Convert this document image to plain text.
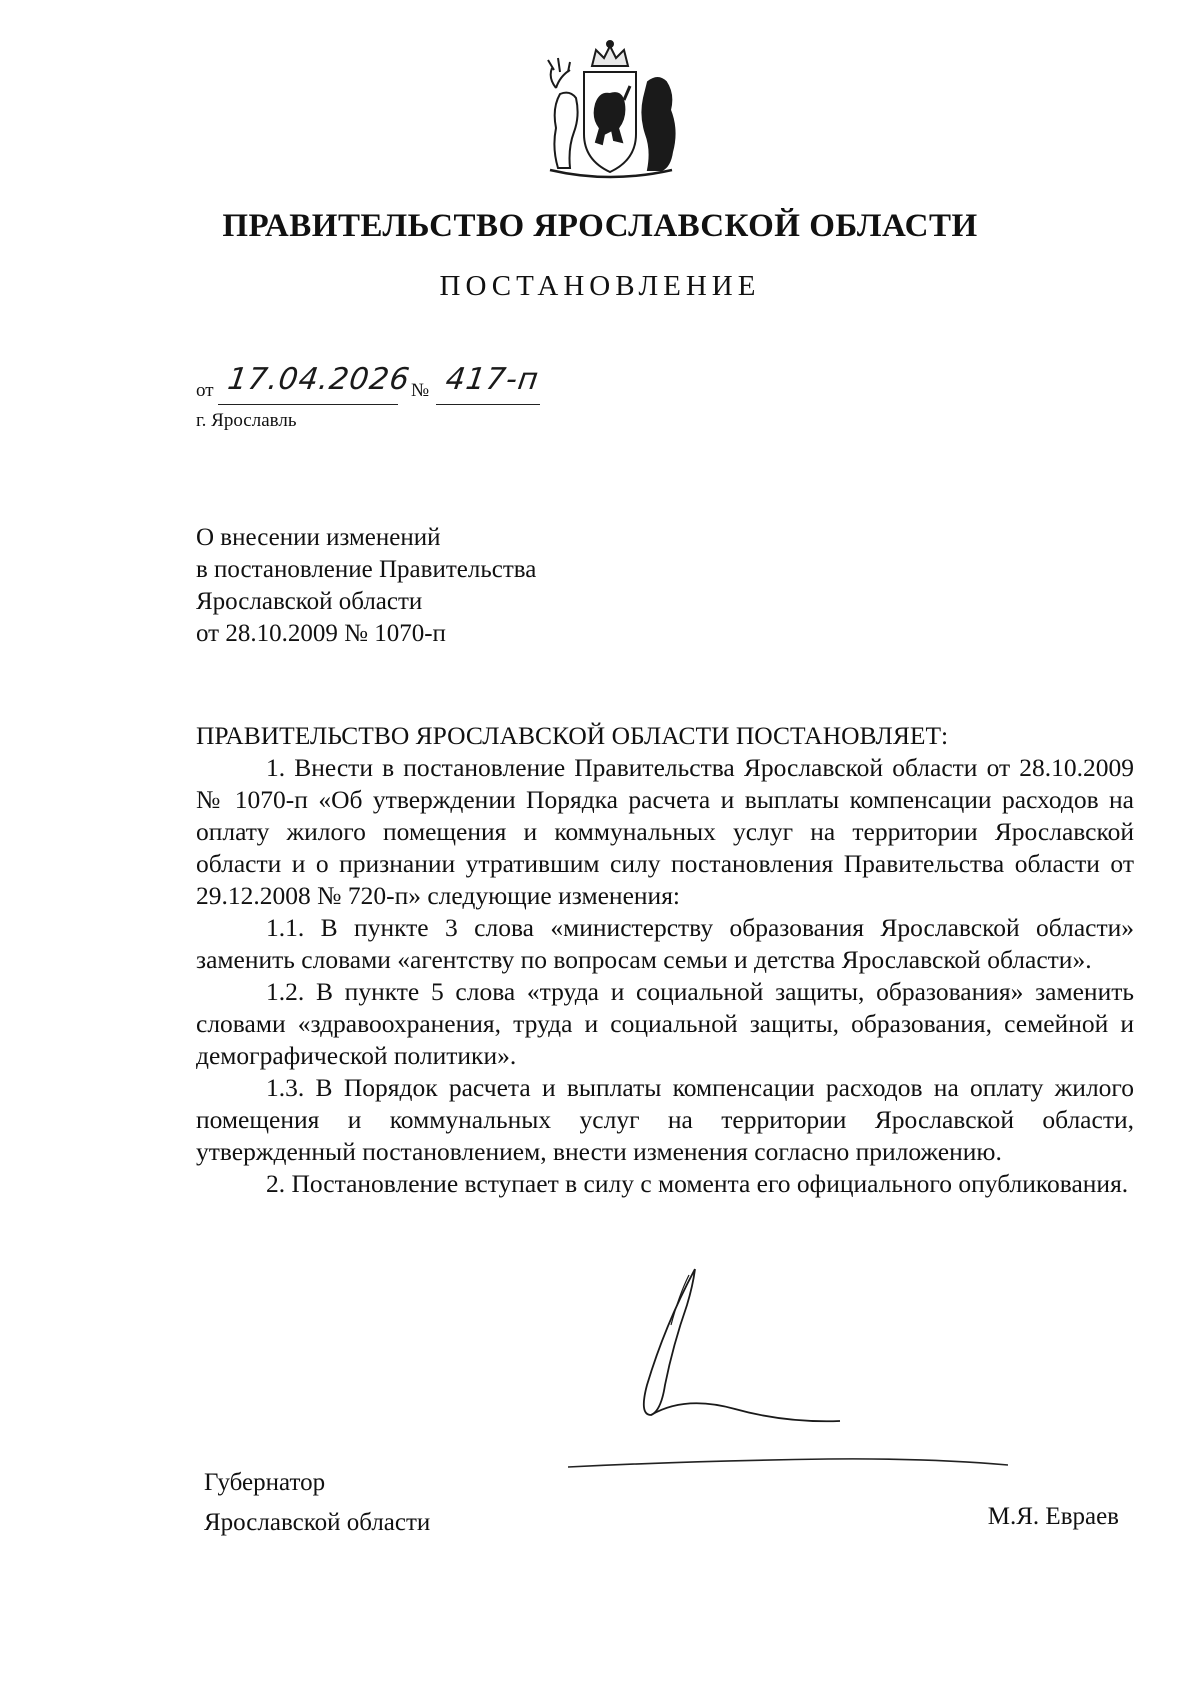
ПРАВИТЕЛЬСТВО ЯРОСЛАВСКОЙ ОБЛАСТИ
ПОСТАНОВЛЕНИЕ
от 17.04.2026
№ 417-п
г. Ярославль
О внесении изменений
в постановление Правительства
Ярославской области
от 28.10.2009 № 1070-п

ПРАВИТЕЛЬСТВО ЯРОСЛАВСКОЙ ОБЛАСТИ ПОСТАНОВЛЯЕТ:

1. Внести в постановление Правительства Ярославской области от 28.10.2009 № 1070-п «Об утверждении Порядка расчета и выплаты компенсации расходов на оплату жилого помещения и коммунальных услуг на территории Ярославской области и о признании утратившим силу постановления Правительства области от 29.12.2008 № 720-п» следующие изменения:

1.1. В пункте 3 слова «министерству образования Ярославской области» заменить словами «агентству по вопросам семьи и детства Ярославской области».

1.2. В пункте 5 слова «труда и социальной защиты, образования» заменить словами «здравоохранения, труда и социальной защиты, образования, семейной и демографической политики».

1.3. В Порядок расчета и выплаты компенсации расходов на оплату жилого помещения и коммунальных услуг на территории Ярославской области, утвержденный постановлением, внести изменения согласно приложению.

2. Постановление вступает в силу с момента его официального опубликования.

Губернатор
Ярославской области	М.Я. Евраев
